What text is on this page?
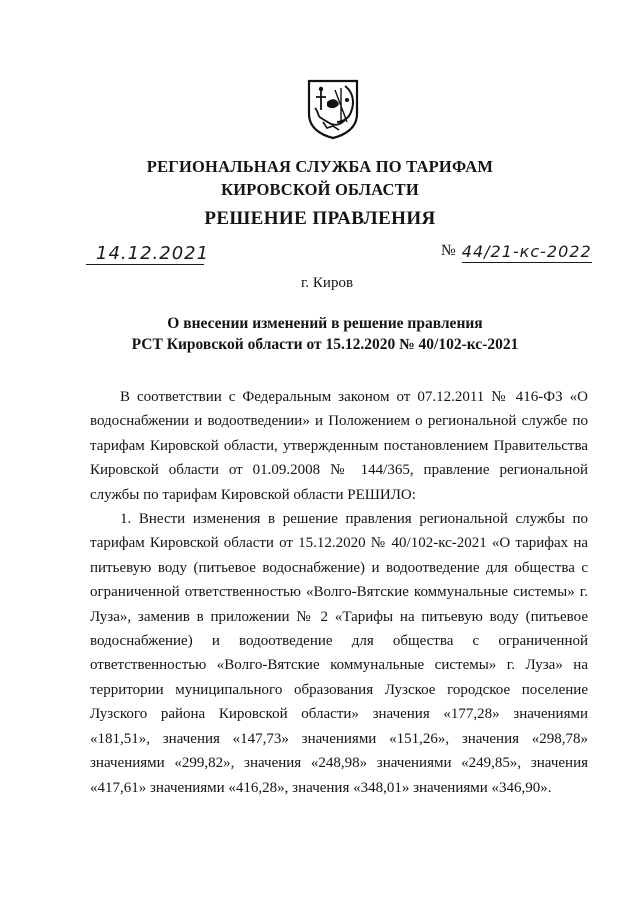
РЕГИОНАЛЬНАЯ СЛУЖБА ПО ТАРИФАМ
КИРОВСКОЙ ОБЛАСТИ
РЕШЕНИЕ ПРАВЛЕНИЯ
14.12.2021	№ 44/21-кс-2022
г. Киров
О внесении изменений в решение правления
РСТ Кировской области от 15.12.2020 № 40/102-кс-2021

В соответствии с Федеральным законом от 07.12.2011 № 416-ФЗ «О водоснабжении и водоотведении» и Положением о региональной службе по тарифам Кировской области, утвержденным постановлением Правительства Кировской области от 01.09.2008 № 144/365, правление региональной службы по тарифам Кировской области РЕШИЛО:

1. Внести изменения в решение правления региональной службы по тарифам Кировской области от 15.12.2020 № 40/102-кс-2021 «О тарифах на питьевую воду (питьевое водоснабжение) и водоотведение для общества с ограниченной ответственностью «Волго-Вятские коммунальные системы» г. Луза», заменив в приложении № 2 «Тарифы на питьевую воду (питьевое водоснабжение) и водоотведение для общества с ограниченной ответственностью «Волго-Вятские коммунальные системы» г. Луза» на территории муниципального образования Лузское городское поселение Лузского района Кировской области» значения «177,28» значениями «181,51», значения «147,73» значениями «151,26», значения «298,78» значениями «299,82», значения «248,98» значениями «249,85», значения «417,61» значениями «416,28», значения «348,01» значениями «346,90».
